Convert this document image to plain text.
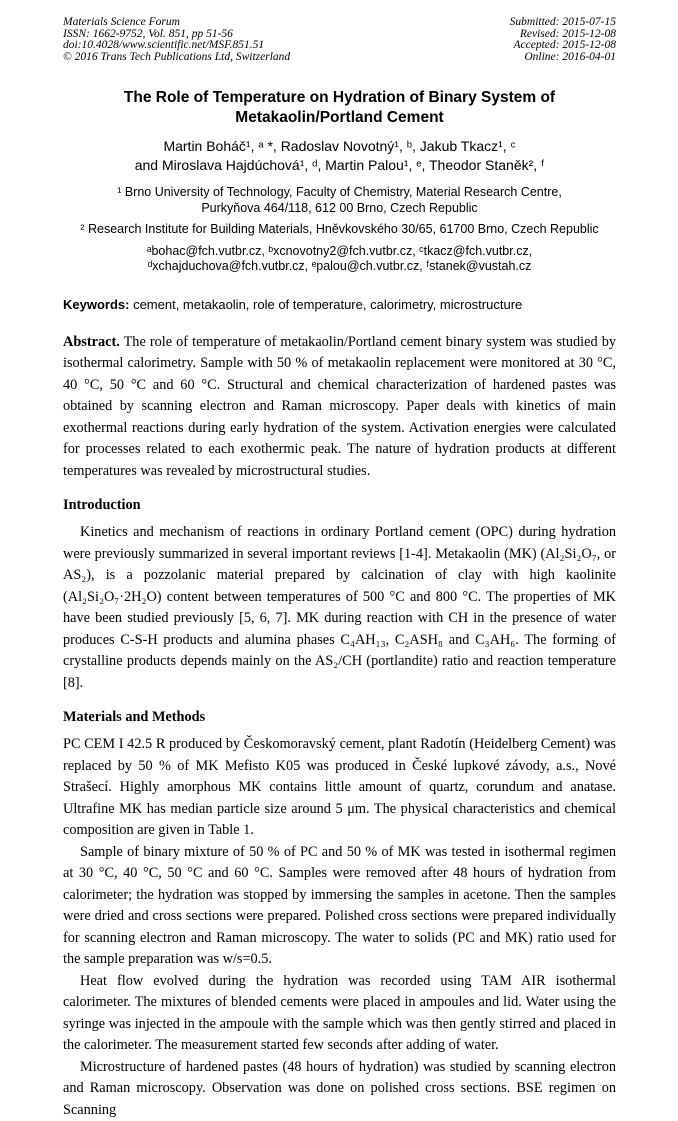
Materials Science Forum
ISSN: 1662-9752, Vol. 851, pp 51-56
doi:10.4028/www.scientific.net/MSF.851.51
© 2016 Trans Tech Publications Ltd, Switzerland
Submitted: 2015-07-15
Revised: 2015-12-08
Accepted: 2015-12-08
Online: 2016-04-01
The Role of Temperature on Hydration of Binary System of
Metakaolin/Portland Cement
Martin Boháč¹, ᵃ *, Radoslav Novotný¹, ᵇ, Jakub Tkacz¹, ᶜ
and Miroslava Hajdúchová¹, ᵈ, Martin Palou¹, ᵉ, Theodor Staněk², ᶠ
¹ Brno University of Technology, Faculty of Chemistry, Material Research Centre,
Purkyňova 464/118, 612 00 Brno, Czech Republic
² Research Institute for Building Materials, Hněvkovského 30/65, 61700 Brno, Czech Republic
ᵃbohac@fch.vutbr.cz, ᵇxcnovotny2@fch.vutbr.cz, ᶜtkacz@fch.vutbr.cz,
ᵈxchajduchova@fch.vutbr.cz, ᵉpalou@ch.vutbr.cz, ᶠstanek@vustah.cz
Keywords: cement, metakaolin, role of temperature, calorimetry, microstructure

Abstract. The role of temperature of metakaolin/Portland cement binary system was studied by isothermal calorimetry. Sample with 50 % of metakaolin replacement were monitored at 30 °C, 40 °C, 50 °C and 60 °C. Structural and chemical characterization of hardened pastes was obtained by scanning electron and Raman microscopy. Paper deals with kinetics of main exothermal reactions during early hydration of the system. Activation energies were calculated for processes related to each exothermic peak. The nature of hydration products at different temperatures was revealed by microstructural studies.

Introduction

Kinetics and mechanism of reactions in ordinary Portland cement (OPC) during hydration were previously summarized in several important reviews [1-4]. Metakaolin (MK) (Al₂Si₂O₇, or AS₂), is a pozzolanic material prepared by calcination of clay with high kaolinite (Al₂Si₂O₇·2H₂O) content between temperatures of 500 °C and 800 °C. The properties of MK have been studied previously [5, 6, 7]. MK during reaction with CH in the presence of water produces C-S-H products and alumina phases C₄AH₁₃, C₂ASH₈ and C₃AH₆. The forming of crystalline products depends mainly on the AS₂/CH (portlandite) ratio and reaction temperature [8].

Materials and Methods

PC CEM I 42.5 R produced by Českomoravský cement, plant Radotín (Heidelberg Cement) was replaced by 50 % of MK Mefisto K05 was produced in České lupkové závody, a.s., Nové Strašecí. Highly amorphous MK contains little amount of quartz, corundum and anatase. Ultrafine MK has median particle size around 5 μm. The physical characteristics and chemical composition are given in Table 1.

Sample of binary mixture of 50 % of PC and 50 % of MK was tested in isothermal regimen at 30 °C, 40 °C, 50 °C and 60 °C. Samples were removed after 48 hours of hydration from calorimeter; the hydration was stopped by immersing the samples in acetone. Then the samples were dried and cross sections were prepared. Polished cross sections were prepared individually for scanning electron and Raman microscopy. The water to solids (PC and MK) ratio used for the sample preparation was w/s=0.5.

Heat flow evolved during the hydration was recorded using TAM AIR isothermal calorimeter. The mixtures of blended cements were placed in ampoules and lid. Water using the syringe was injected in the ampoule with the sample which was then gently stirred and placed in the calorimeter. The measurement started few seconds after adding of water.

Microstructure of hardened pastes (48 hours of hydration) was studied by scanning electron and Raman microscopy. Observation was done on polished cross sections. BSE regimen on Scanning
